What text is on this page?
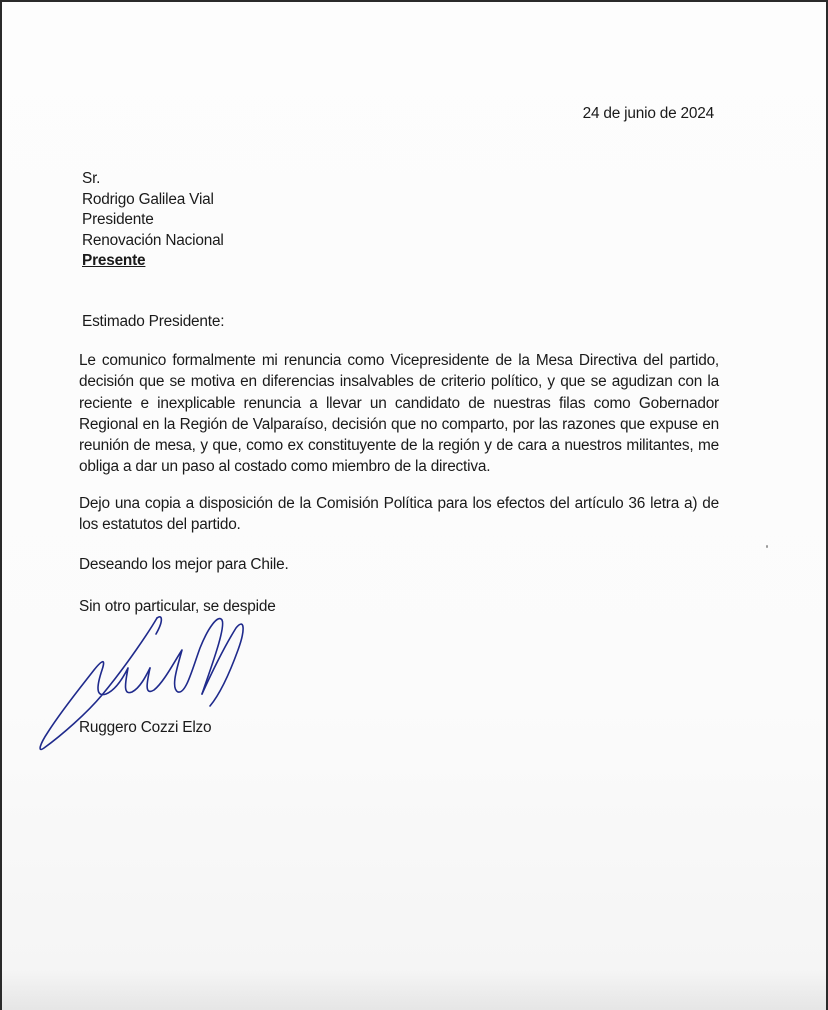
24 de junio de 2024
Sr.
Rodrigo Galilea Vial
Presidente
Renovación Nacional
Presente
Estimado Presidente:
Le comunico formalmente mi renuncia como Vicepresidente de la Mesa Directiva del partido, decisión que se motiva en diferencias insalvables de criterio político, y que se agudizan con la reciente e inexplicable renuncia a llevar un candidato de nuestras filas como Gobernador Regional en la Región de Valparaíso, decisión que no comparto, por las razones que expuse en reunión de mesa, y que, como ex constituyente de la región y de cara a nuestros militantes, me obliga a dar un paso al costado como miembro de la directiva.
Dejo una copia a disposición de la Comisión Política para los efectos del artículo 36 letra a) de los estatutos del partido.
Deseando los mejor para Chile.
Sin otro particular, se despide
Ruggero Cozzi Elzo
